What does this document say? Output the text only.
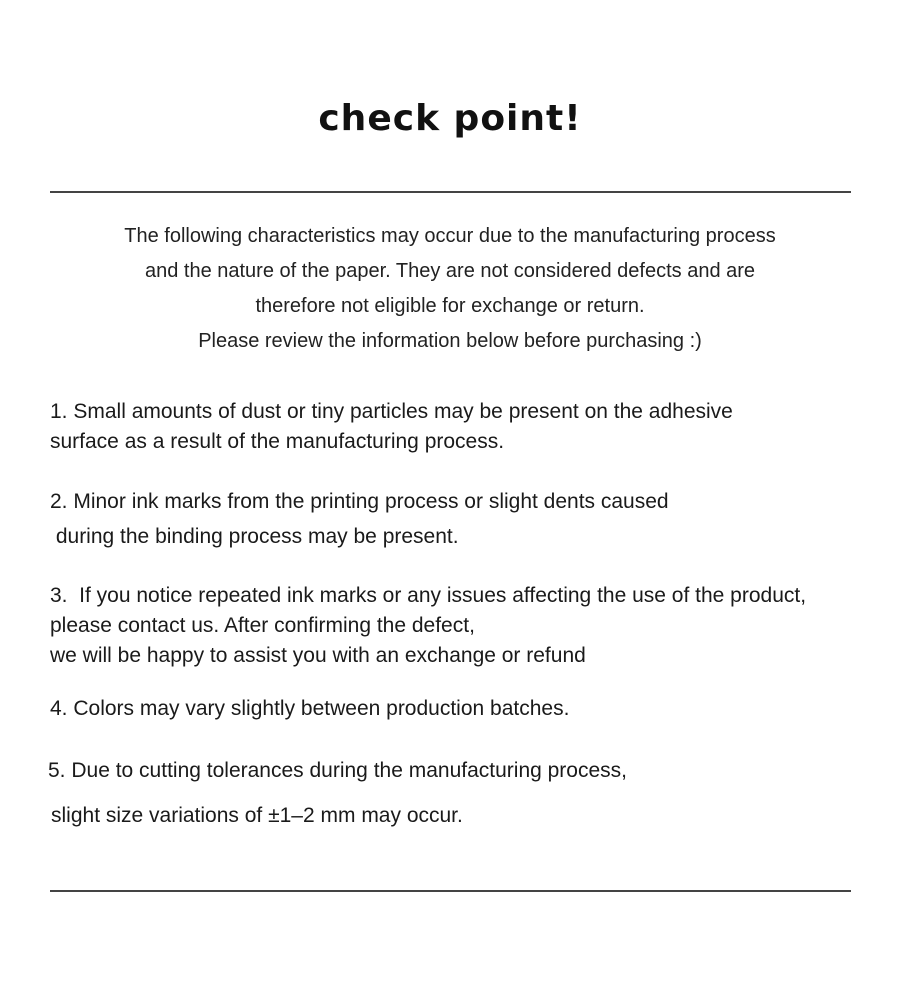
check point!
The following characteristics may occur due to the manufacturing process
and the nature of the paper. They are not considered defects and are
therefore not eligible for exchange or return.
Please review the information below before purchasing :)
1. Small amounts of dust or tiny particles may be present on the adhesive
surface as a result of the manufacturing process.
2. Minor ink marks from the printing process or slight dents caused
during the binding process may be present.
3.  If you notice repeated ink marks or any issues affecting the use of the product,
please contact us. After confirming the defect,
we will be happy to assist you with an exchange or refund
4. Colors may vary slightly between production batches.
5. Due to cutting tolerances during the manufacturing process,
slight size variations of ±1–2 mm may occur.
